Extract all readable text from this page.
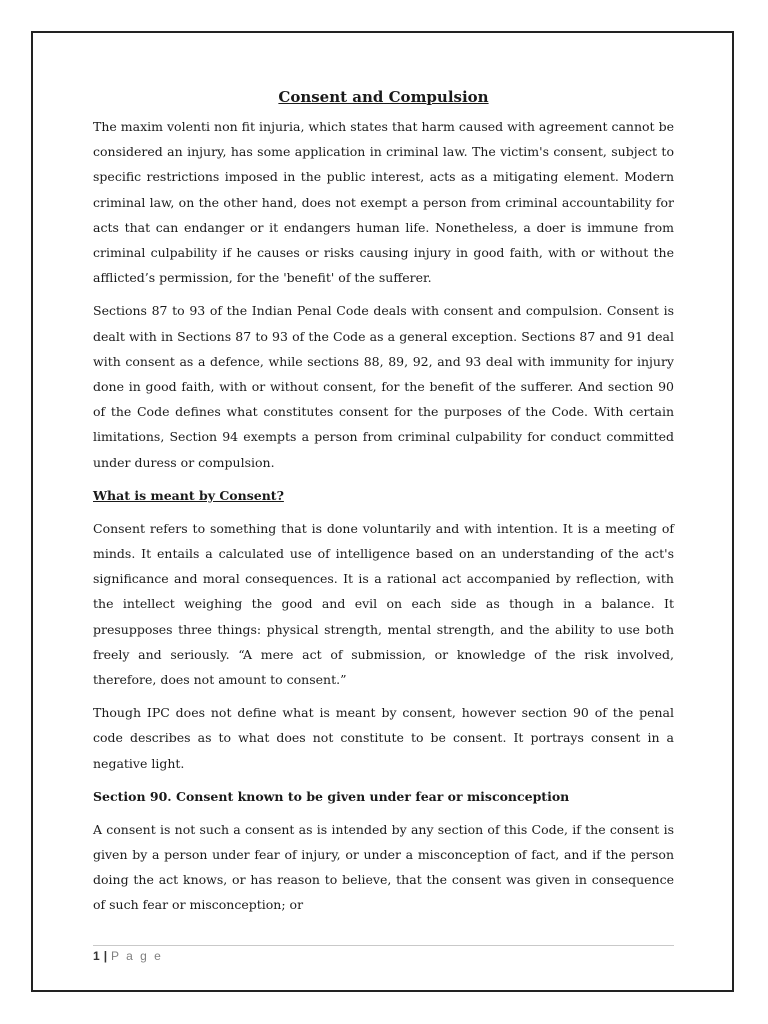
Consent and Compulsion

The maxim volenti non fit injuria, which states that harm caused with agreement cannot be considered an injury, has some application in criminal law. The victim's consent, subject to specific restrictions imposed in the public interest, acts as a mitigating element. Modern criminal law, on the other hand, does not exempt a person from criminal accountability for acts that can endanger or it endangers human life. Nonetheless, a doer is immune from criminal culpability if he causes or risks causing injury in good faith, with or without the afflicted’s permission, for the 'benefit' of the sufferer.

Sections 87 to 93 of the Indian Penal Code deals with consent and compulsion. Consent is dealt with in Sections 87 to 93 of the Code as a general exception. Sections 87 and 91 deal with consent as a defence, while sections 88, 89, 92, and 93 deal with immunity for injury done in good faith, with or without consent, for the benefit of the sufferer. And section 90 of the Code defines what constitutes consent for the purposes of the Code. With certain limitations, Section 94 exempts a person from criminal culpability for conduct committed under duress or compulsion.

What is meant by Consent?

Consent refers to something that is done voluntarily and with intention. It is a meeting of minds. It entails a calculated use of intelligence based on an understanding of the act's significance and moral consequences. It is a rational act accompanied by reflection, with the intellect weighing the good and evil on each side as though in a balance. It presupposes three things: physical strength, mental strength, and the ability to use both freely and seriously. “A mere act of submission, or knowledge of the risk involved, therefore, does not amount to consent.”

Though IPC does not define what is meant by consent, however section 90 of the penal code describes as to what does not constitute to be consent. It portrays consent in a negative light.

Section 90. Consent known to be given under fear or misconception

A consent is not such a consent as is intended by any section of this Code, if the consent is given by a person under fear of injury, or under a misconception of fact, and if the person doing the act knows, or has reason to believe, that the consent was given in consequence of such fear or misconception; or

1 | P a g e
